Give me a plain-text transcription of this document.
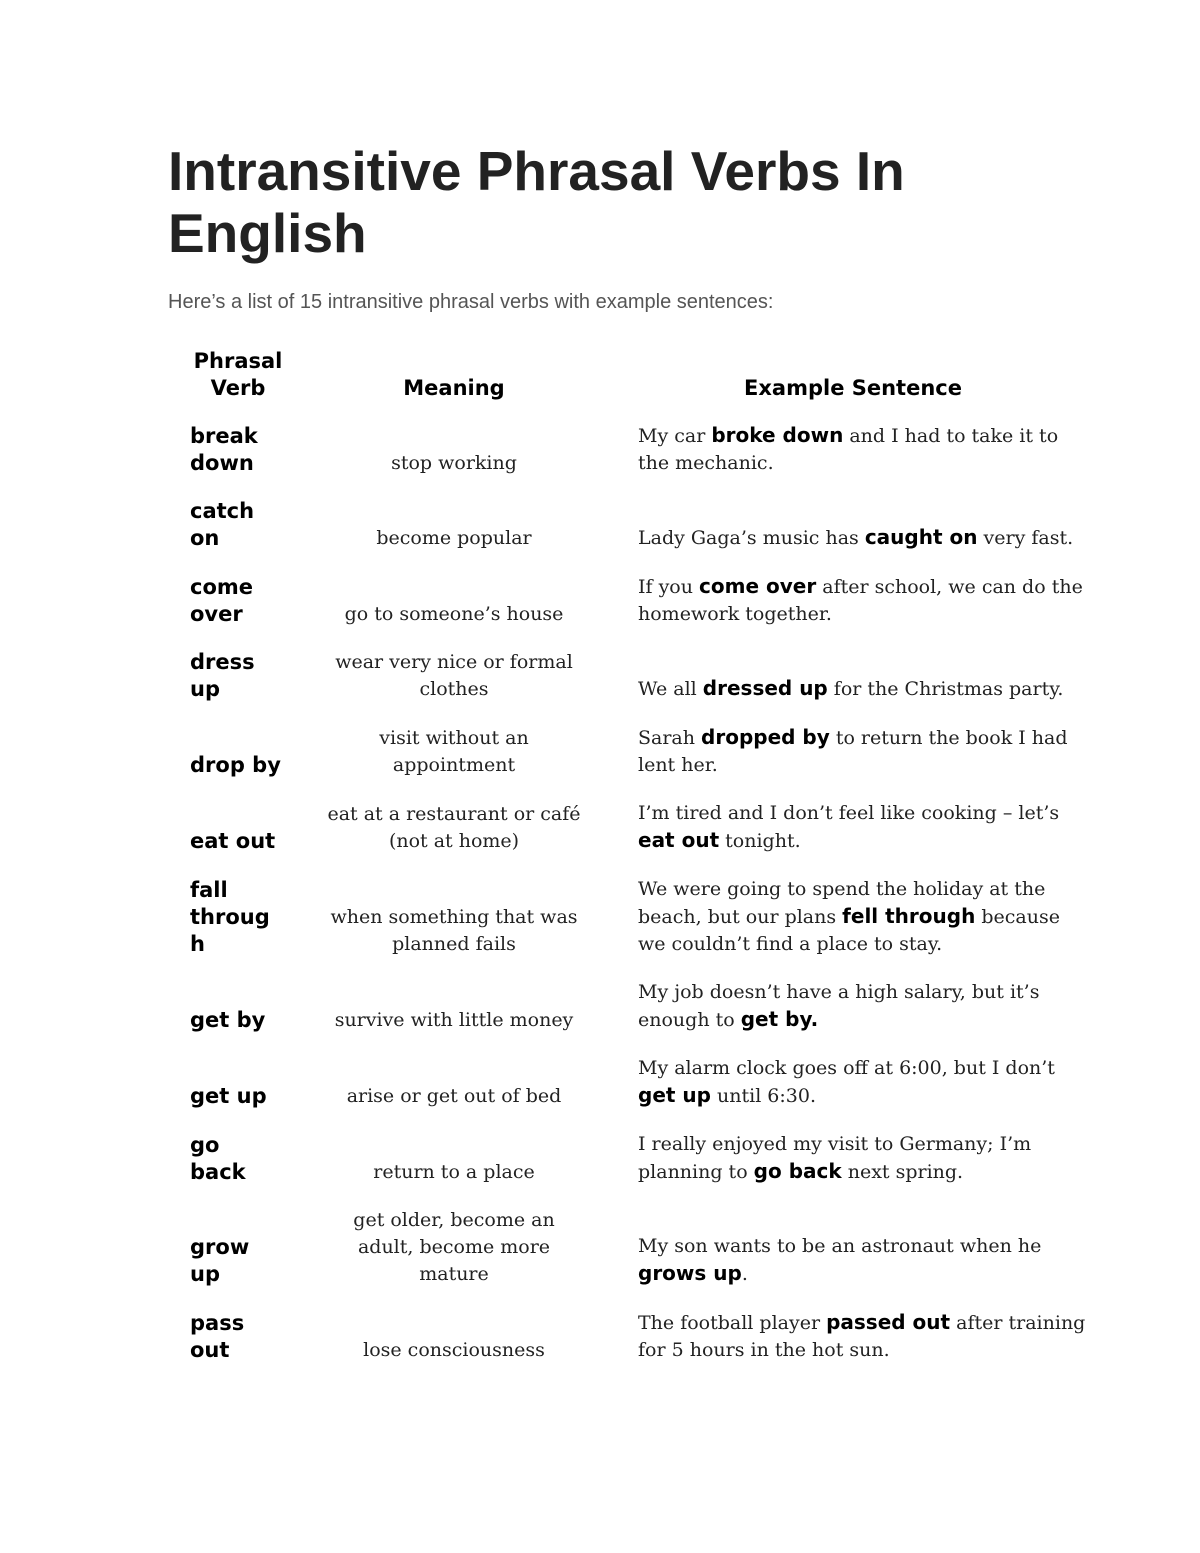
Intransitive Phrasal Verbs In English

Here’s a list of 15 intransitive phrasal verbs with example sentences:

Phrasal Verb	Meaning	Example Sentence

break down	stop working	My car broke down and I had to take it to the mechanic.

catch on	become popular	Lady Gaga’s music has caught on very fast.

come over	go to someone’s house	If you come over after school, we can do the homework together.

dress up	wear very nice or formal clothes	We all dressed up for the Christmas party.

drop by	visit without an appointment	Sarah dropped by to return the book I had lent her.

eat out	eat at a restaurant or café (not at home)	I’m tired and I don’t feel like cooking – let’s eat out tonight.

fall through	when something that was planned fails	We were going to spend the holiday at the beach, but our plans fell through because we couldn’t find a place to stay.

get by	survive with little money	My job doesn’t have a high salary, but it’s enough to get by.

get up	arise or get out of bed	My alarm clock goes off at 6:00, but I don’t get up until 6:30.

go back	return to a place	I really enjoyed my visit to Germany; I’m planning to go back next spring.

grow up	get older, become an adult, become more mature	My son wants to be an astronaut when he grows up.

pass out	lose consciousness	The football player passed out after training for 5 hours in the hot sun.
